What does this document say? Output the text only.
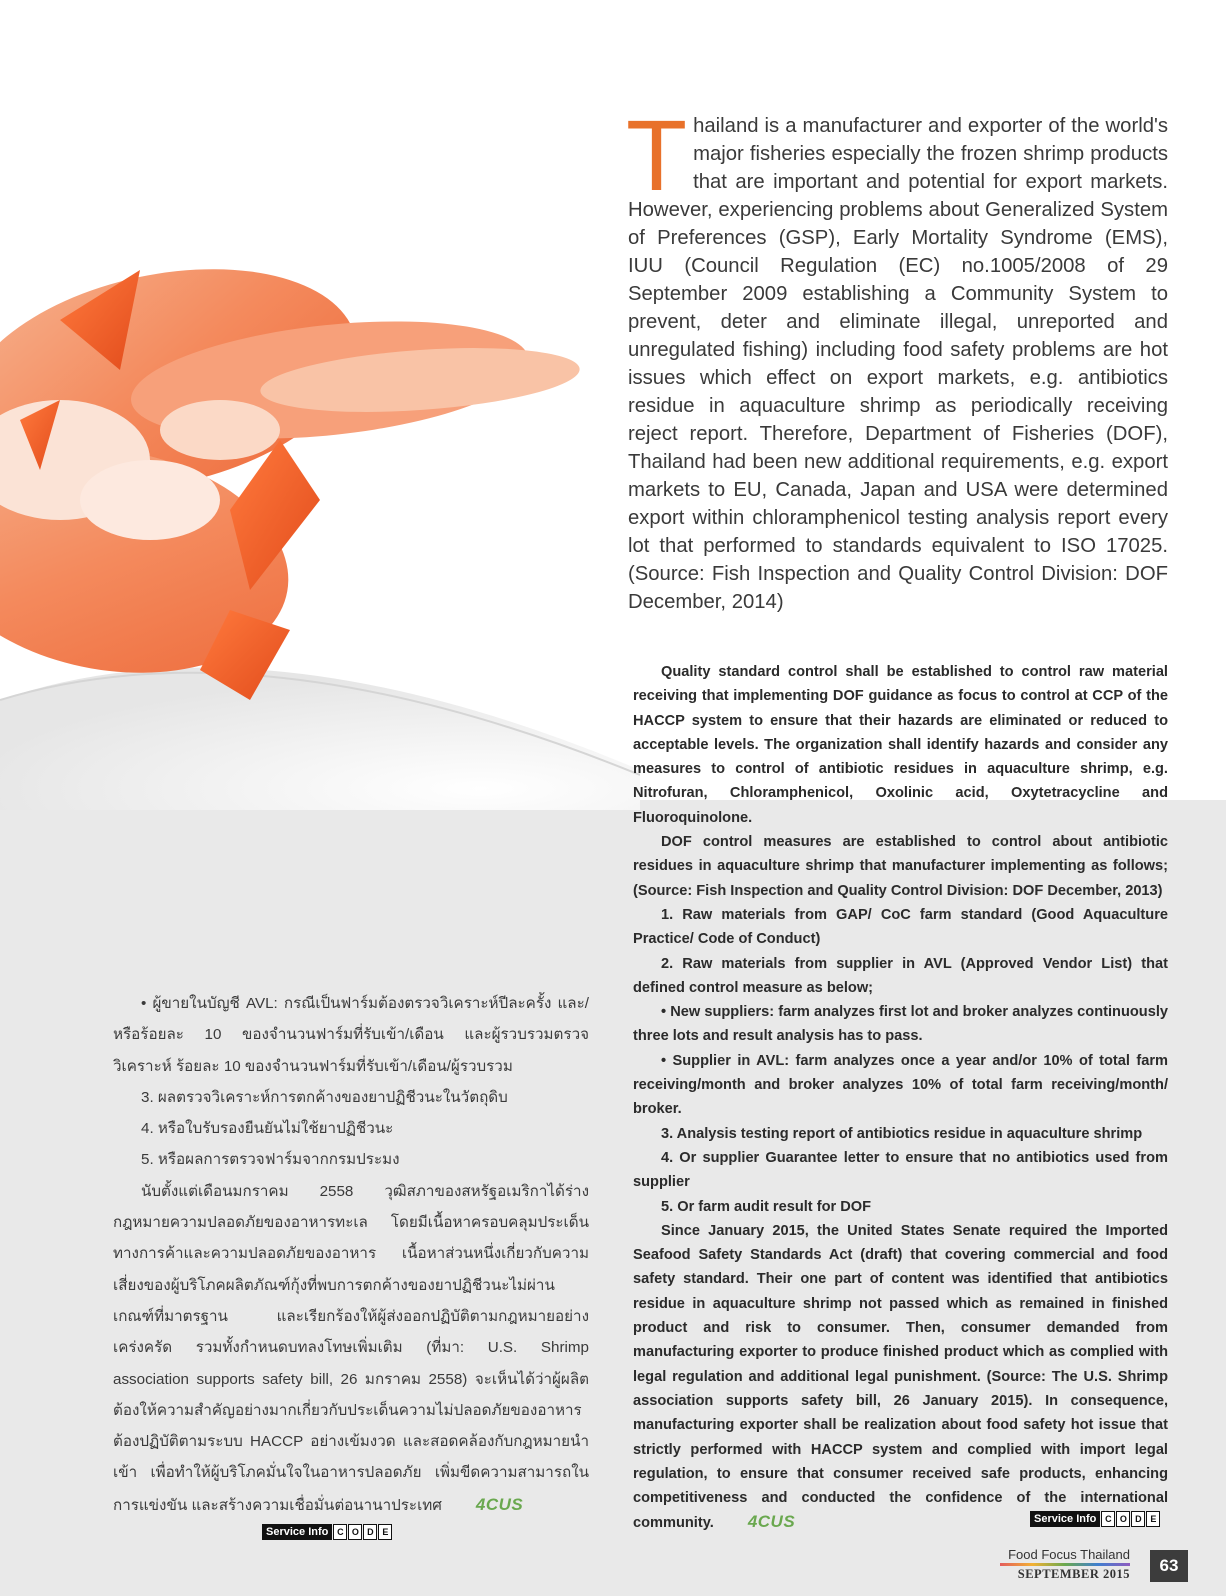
Thailand is a manufacturer and exporter of the world's major fisheries especially the frozen shrimp products that are important and potential for export markets. However, experiencing problems about Generalized System of Preferences (GSP), Early Mortality Syndrome (EMS), IUU (Council Regulation (EC) no.1005/2008 of 29 September 2009 establishing a Community System to prevent, deter and eliminate illegal, unreported and unregulated fishing) including food safety problems are hot issues which effect on export markets, e.g. antibiotics residue in aquaculture shrimp as periodically receiving reject report. Therefore, Department of Fisheries (DOF), Thailand had been new additional requirements, e.g. export markets to EU, Canada, Japan and USA were determined export within chloramphenicol testing analysis report every lot that performed to standards equivalent to ISO 17025. (Source: Fish Inspection and Quality Control Division: DOF December, 2014)

Quality standard control shall be established to control raw material receiving that implementing DOF guidance as focus to control at CCP of the HACCP system to ensure that their hazards are eliminated or reduced to acceptable levels. The organization shall identify hazards and consider any measures to control of antibiotic residues in aquaculture shrimp, e.g. Nitrofuran, Chloramphenicol, Oxolinic acid, Oxytetracycline and Fluoroquinolone.

DOF control measures are established to control about antibiotic residues in aquaculture shrimp that manufacturer implementing as follows; (Source: Fish Inspection and Quality Control Division: DOF December, 2013)

1. Raw materials from GAP/ CoC farm standard (Good Aquaculture Practice/ Code of Conduct)

2. Raw materials from supplier in AVL (Approved Vendor List) that defined control measure as below;

• New suppliers: farm analyzes first lot and broker analyzes continuously three lots and result analysis has to pass.

• Supplier in AVL: farm analyzes once a year and/or 10% of total farm receiving/month and broker analyzes 10% of total farm receiving/month/ broker.

3. Analysis testing report of antibiotics residue in aquaculture shrimp

4. Or supplier Guarantee letter to ensure that no antibiotics used from supplier

5. Or farm audit result for DOF

Since January 2015, the United States Senate required the Imported Seafood Safety Standards Act (draft) that covering commercial and food safety standard. Their one part of content was identified that antibiotics residue in aquaculture shrimp not passed which as remained in finished product and risk to consumer. Then, consumer demanded from manufacturing exporter to produce finished product which as complied with legal regulation and additional legal punishment. (Source: The U.S. Shrimp association supports safety bill, 26 January 2015). In consequence, manufacturing exporter shall be realization about food safety hot issue that strictly performed with HACCP system and complied with import legal regulation, to ensure that consumer received safe products, enhancing competitiveness and conducted the confidence of the international community. 4CUS

• ผู้ขายในบัญชี AVL: กรณีเป็นฟาร์มต้องตรวจวิเคราะห์ปีละครั้ง และ/หรือร้อยละ 10 ของจำนวนฟาร์มที่รับเข้า/เดือน และผู้รวบรวมตรวจวิเคราะห์ ร้อยละ 10 ของจำนวนฟาร์มที่รับเข้า/เดือน/ผู้รวบรวม

3. ผลตรวจวิเคราะห์การตกค้างของยาปฏิชีวนะในวัตถุดิบ

4. หรือใบรับรองยืนยันไม่ใช้ยาปฏิชีวนะ

5. หรือผลการตรวจฟาร์มจากกรมประมง

นับตั้งแต่เดือนมกราคม 2558 วุฒิสภาของสหรัฐอเมริกาได้ร่างกฎหมายความปลอดภัยของอาหารทะเล โดยมีเนื้อหาครอบคลุมประเด็นทางการค้าและความปลอดภัยของอาหาร เนื้อหาส่วนหนึ่งเกี่ยวกับความเสี่ยงของผู้บริโภคผลิตภัณฑ์กุ้งที่พบการตกค้างของยาปฏิชีวนะไม่ผ่านเกณฑ์ที่มาตรฐาน และเรียกร้องให้ผู้ส่งออกปฏิบัติตามกฎหมายอย่างเคร่งครัด รวมทั้งกำหนดบทลงโทษเพิ่มเติม (ที่มา: U.S. Shrimp association supports safety bill, 26 มกราคม 2558) จะเห็นได้ว่าผู้ผลิตต้องให้ความสำคัญอย่างมากเกี่ยวกับประเด็นความไม่ปลอดภัยของอาหาร ต้องปฏิบัติตามระบบ HACCP อย่างเข้มงวด และสอดคล้องกับกฎหมายนำเข้า เพื่อทำให้ผู้บริโภคมั่นใจในอาหารปลอดภัย เพิ่มขีดความสามารถในการแข่งขัน และสร้างความเชื่อมั่นต่อนานาประเทศ 4CUS

Service Info C O D E
Service Info C O D E
Food Focus Thailand
SEPTEMBER 2015	63
